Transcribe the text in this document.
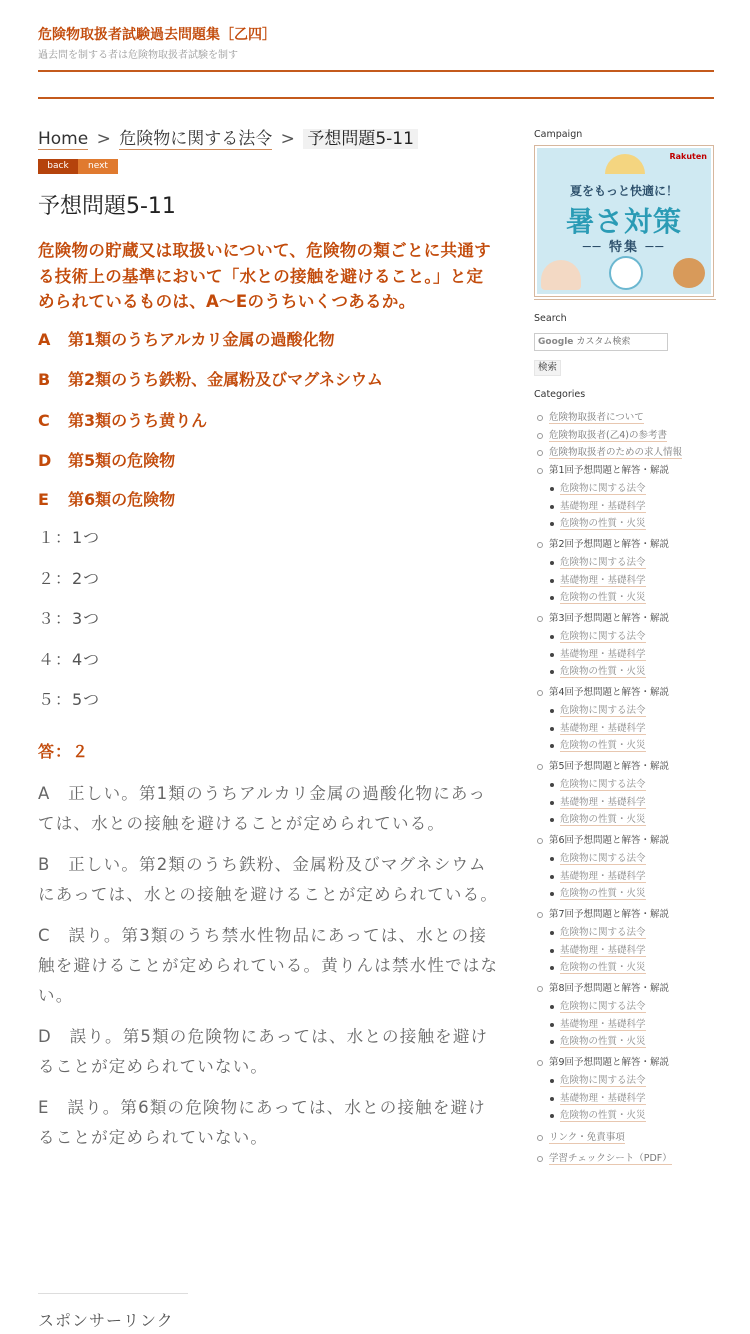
危険物取扱者試験過去問題集［乙四］
過去問を制する者は危険物取扱者試験を制す
Home > 危険物に関する法令 > 予想問題5-11
back	next
予想問題5-11

危険物の貯蔵又は取扱いについて、危険物の類ごとに共通する技術上の基準において「水との接触を避けること。」と定められているものは、A～Eのうちいくつあるか。

A 第1類のうちアルカリ金属の過酸化物
B 第2類のうち鉄粉、金属粉及びマグネシウム
C 第3類のうち黄りん
D 第5類の危険物
E 第6類の危険物
１：1つ
２：2つ
３：3つ
４：4つ
５：5つ
答：２

A　正しい。第1類のうちアルカリ金属の過酸化物にあっては、水との接触を避けることが定められている。

B　正しい。第2類のうち鉄粉、金属粉及びマグネシウムにあっては、水との接触を避けることが定められている。

C　誤り。第3類のうち禁水性物品にあっては、水との接触を避けることが定められている。黄りんは禁水性ではない。

D　誤り。第5類の危険物にあっては、水との接触を避けることが定められていない。

E　誤り。第6類の危険物にあっては、水との接触を避けることが定められていない。

スポンサーリンク
Campaign
Rakuten
夏をもっと快適に！
暑さ対策
── 特集 ──
Search
Google カスタム検索
検索
Categories
危険物取扱者について
危険物取扱者(乙4)の参考書
危険物取扱者のための求人情報
第1回予想問題と解答・解説
危険物に関する法令
基礎物理・基礎科学
危険物の性質・火災
第2回予想問題と解答・解説
危険物に関する法令
基礎物理・基礎科学
危険物の性質・火災
第3回予想問題と解答・解説
危険物に関する法令
基礎物理・基礎科学
危険物の性質・火災
第4回予想問題と解答・解説
危険物に関する法令
基礎物理・基礎科学
危険物の性質・火災
第5回予想問題と解答・解説
危険物に関する法令
基礎物理・基礎科学
危険物の性質・火災
第6回予想問題と解答・解説
危険物に関する法令
基礎物理・基礎科学
危険物の性質・火災
第7回予想問題と解答・解説
危険物に関する法令
基礎物理・基礎科学
危険物の性質・火災
第8回予想問題と解答・解説
危険物に関する法令
基礎物理・基礎科学
危険物の性質・火災
第9回予想問題と解答・解説
危険物に関する法令
基礎物理・基礎科学
危険物の性質・火災
リンク・免責事項
学習チェックシート（PDF）
